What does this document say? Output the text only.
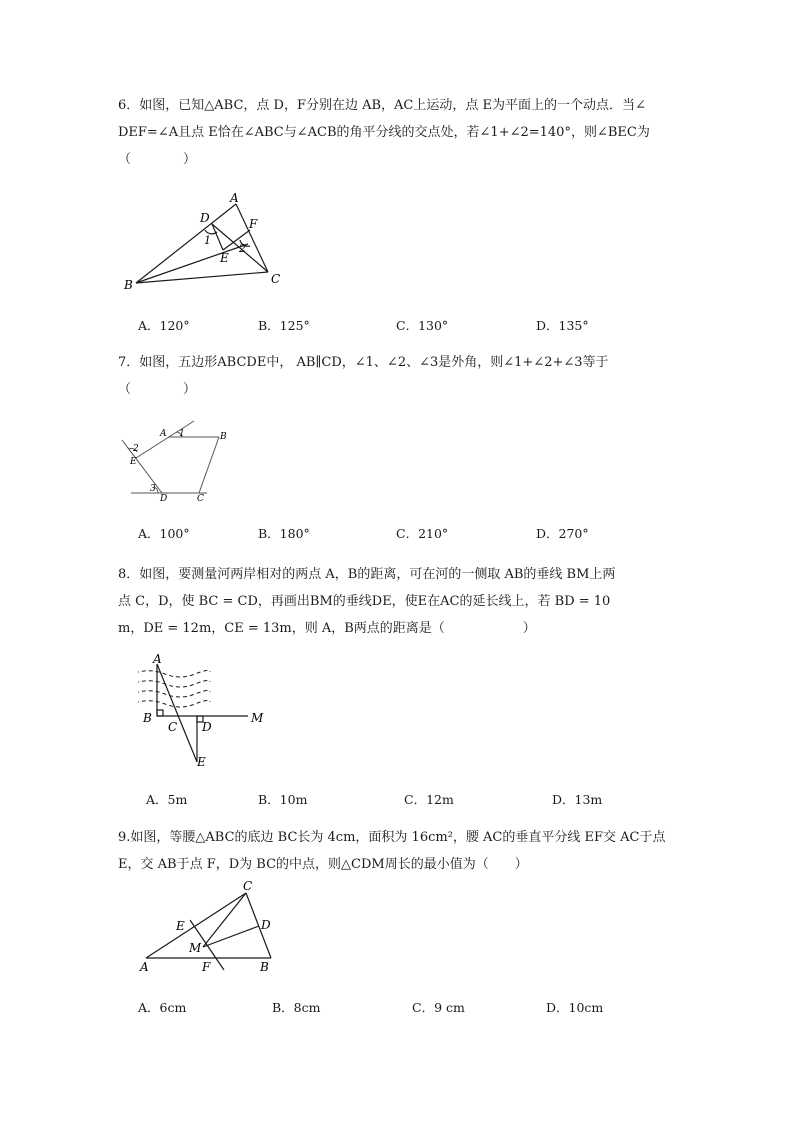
6．如图，已知△ABC，点 D，F分别在边 AB，AC上运动，点 E为平面上的一个动点．当∠
DEF=∠A且点 E恰在∠ABC与∠ACB的角平分线的交点处，若∠1+∠2=140°，则∠BEC为
（　　　　）
A
D	F
1
2
E
B	C
A．120°	B．125°	C．130°	D．135°
7．如图，五边形ABCDE中， AB∥CD，∠1、∠2、∠3是外角，则∠1+∠2+∠3等于
（　　　　）
A 1	B
2
E
3
D	C
A．100°	B．180°	C．210°	D．270°
8．如图，要测量河两岸相对的两点 A，B的距离，可在河的一侧取 AB的垂线 BM上两
点 C，D，使 BC = CD，再画出BM的垂线DE，使E在AC的延长线上，若 BD = 10
m，DE = 12m，CE = 13m，则 A，B两点的距离是（　　　　　　）
A
B
C D
M
E
A．5m	B．10m	C．12m	D．13m
9.如图，等腰△ABC的底边 BC长为 4cm，面积为 16cm²，腰 AC的垂直平分线 EF交 AC于点
E，交 AB于点 F，D为 BC的中点，则△CDM周长的最小值为（　　）
C
E	D
M
A	F	B
A．6cm	B．8cm	C．9 cm	D．10cm
